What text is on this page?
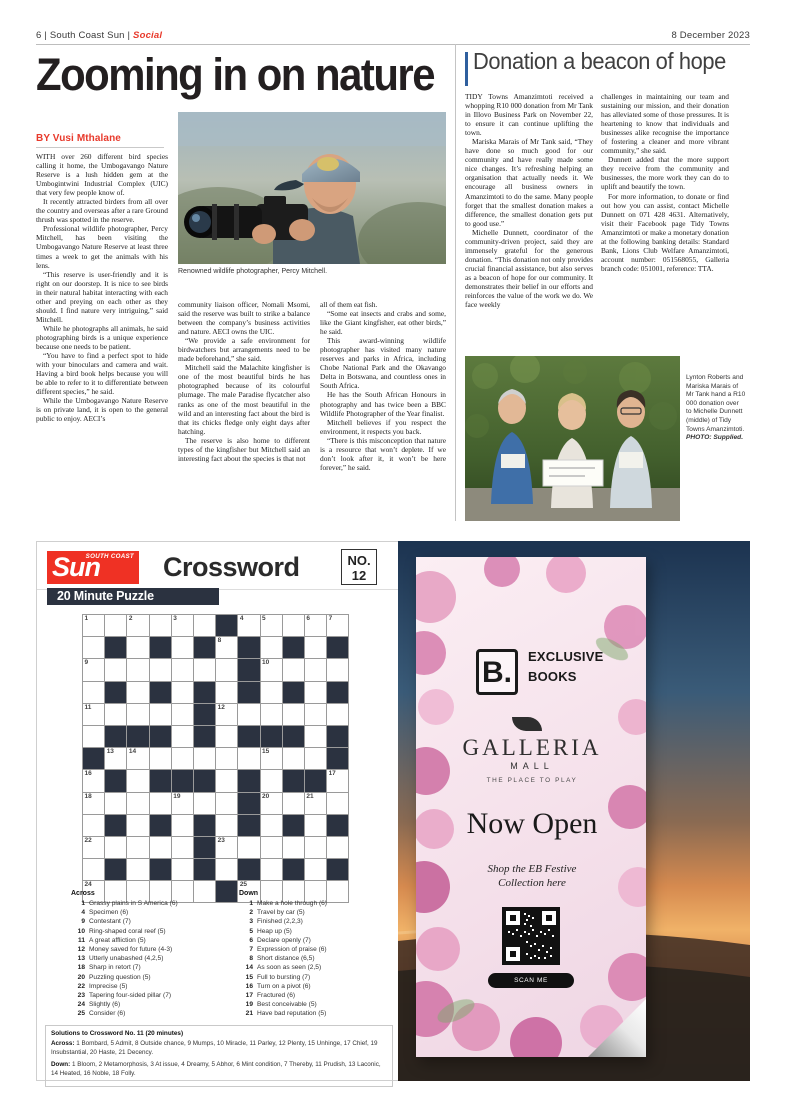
6 | South Coast Sun | Social	8 December 2023
Zooming in on nature
BY Vusi Mthalane
Renowned wildlife photographer, Percy Mitchell.

WITH over 260 different bird species calling it home, the Umbogavango Nature Reserve is a lush hidden gem at the Umbogintwini Industrial Complex (UIC) that very few people know of.

It recently attracted birders from all over the country and overseas after a rare Ground thrush was spotted in the reserve.

Professional wildlife photographer, Percy Mitchell, has been visiting the Umbogavango Nature Reserve at least three times a week to get the animals with his lens.

“This reserve is user-friendly and it is right on our doorstep. It is nice to see birds in their natural habitat interacting with each other and preying on each other as they should. I find nature very intriguing,” said Mitchell.

While he photographs all animals, he said photographing birds is a unique experience because one needs to be patient.

“You have to find a perfect spot to hide with your binoculars and camera and wait. Having a bird book helps because you will be able to refer to it to differentiate between different species,” he said.

While the Umbogavango Nature Reserve is on private land, it is open to the general public to enjoy. AECI’s

community liaison officer, Nomali Msomi, said the reserve was built to strike a balance between the company’s business activities and nature. AECI owns the UIC.

“We provide a safe environment for birdwatchers but arrangements need to be made beforehand,” she said.

Mitchell said the Malachite kingfisher is one of the most beautiful birds he has photographed because of its colourful plumage. The male Paradise flycatcher also ranks as one of the most beautiful in the wild and an interesting fact about the bird is that its chicks fledge only eight days after hatching.

The reserve is also home to different types of the kingfisher but Mitchell said an interesting fact about the species is that not

all of them eat fish.

“Some eat insects and crabs and some, like the Giant kingfisher, eat other birds,” he said.

This award-winning wildlife photographer has visited many nature reserves and parks in Africa, including Chobe National Park and the Okavango Delta in Botswana, and countless ones in South Africa.

He has the South African Honours in photography and has twice been a BBC Wildlife Photographer of the Year finalist.

Mitchell believes if you respect the environment, it respects you back.

“There is this misconception that nature is a resource that won’t deplete. If we don’t look after it, it won’t be here forever,” he said.

Donation a beacon of hope

TIDY Towns Amanzimtoti received a whopping R10 000 donation from Mr Tank in Illovo Business Park on November 22, to ensure it can continue uplifting the town.

Mariska Marais of Mr Tank said, “They have done so much good for our community and have really made some nice changes. It’s refreshing helping an organisation that actually needs it. We encourage all business owners in Amanzimtoti to do the same. Many people forget that the smallest donation makes a difference, the smallest donation gets put to good use.”

Michelle Dunnett, coordinator of the community-driven project, said they are immensely grateful for the generous donation. “This donation not only provides crucial financial assistance, but also serves as a beacon of hope for our community. It demonstrates their belief in our efforts and reinforces the value of the work we do. We face weekly

challenges in maintaining our team and sustaining our mission, and their donation has alleviated some of those pressures. It is heartening to know that individuals and businesses alike recognise the importance of fostering a cleaner and more vibrant community,” she said.

Dunnett added that the more support they receive from the community and businesses, the more work they can do to uplift and beautify the town.

For more information, to donate or find out how you can assist, contact Michelle Dunnett on 071 428 4631. Alternatively, visit their Facebook page Tidy Towns Amanzimtoti or make a monetary donation at the following banking details: Standard Bank, Lions Club Welfare Amanzimtoti, account number: 051568055, Galleria branch code: 051001, reference: TTA.

Lynton Roberts and Mariska Marais of Mr Tank hand a R10 000 donation over to Michelle Dunnett (middle) of Tidy Towns Amanzimtoti. PHOTO: Supplied.
Sun
SOUTH COAST Crossword	NO.
12
20 Minute Puzzle
1	2	3	4	5	6	7
8
9	10
11	12
13 14	15
16	17
18	19	20	21
22	23
24	25
Across
1 Grassy plains in S America (6)
4 Specimen (6)
9 Contestant (7)
10 Ring-shaped coral reef (5)
11 A great affliction (5)
12 Money saved for future (4-3)
13 Utterly unabashed (4,2,5)
18 Sharp in retort (7)
20 Puzzling question (5)
22 Imprecise (5)
23 Tapering four-sided pillar (7)
24 Slightly (6)
25 Consider (6)
Down
1 Make a hole through (6)
2 Travel by car (5)
3 Finished (2,2,3)
5 Heap up (5)
6 Declare openly (7)
7 Expression of praise (6)
8 Short distance (6,5)
14 As soon as seen (2,5)
15 Full to bursting (7)
16 Turn on a pivot (6)
17 Fractured (6)
19 Best conceivable (5)
21 Have bad reputation (5)
Solutions to Crossword No. 11 (20 minutes)

Across: 1 Bombard, 5 Admit, 8 Outside chance, 9 Mumps, 10 Miracle, 11 Parley, 12 Plenty, 15 Unhinge, 17 Chief, 19 Insubstantial, 20 Haste, 21 Decency.

Down: 1 Bloom, 2 Metamorphosis, 3 At issue, 4 Dreamy, 5 Abhor, 6 Mint condition, 7 Thereby, 11 Prudish, 13 Laconic, 14 Heated, 16 Noble, 18 Folly.

B.	EXCLUSIVE
BOOKS
GALLERIA
MALL
THE PLACE TO PLAY
Now Open
Shop the EB Festive
Collection here
SCAN ME
